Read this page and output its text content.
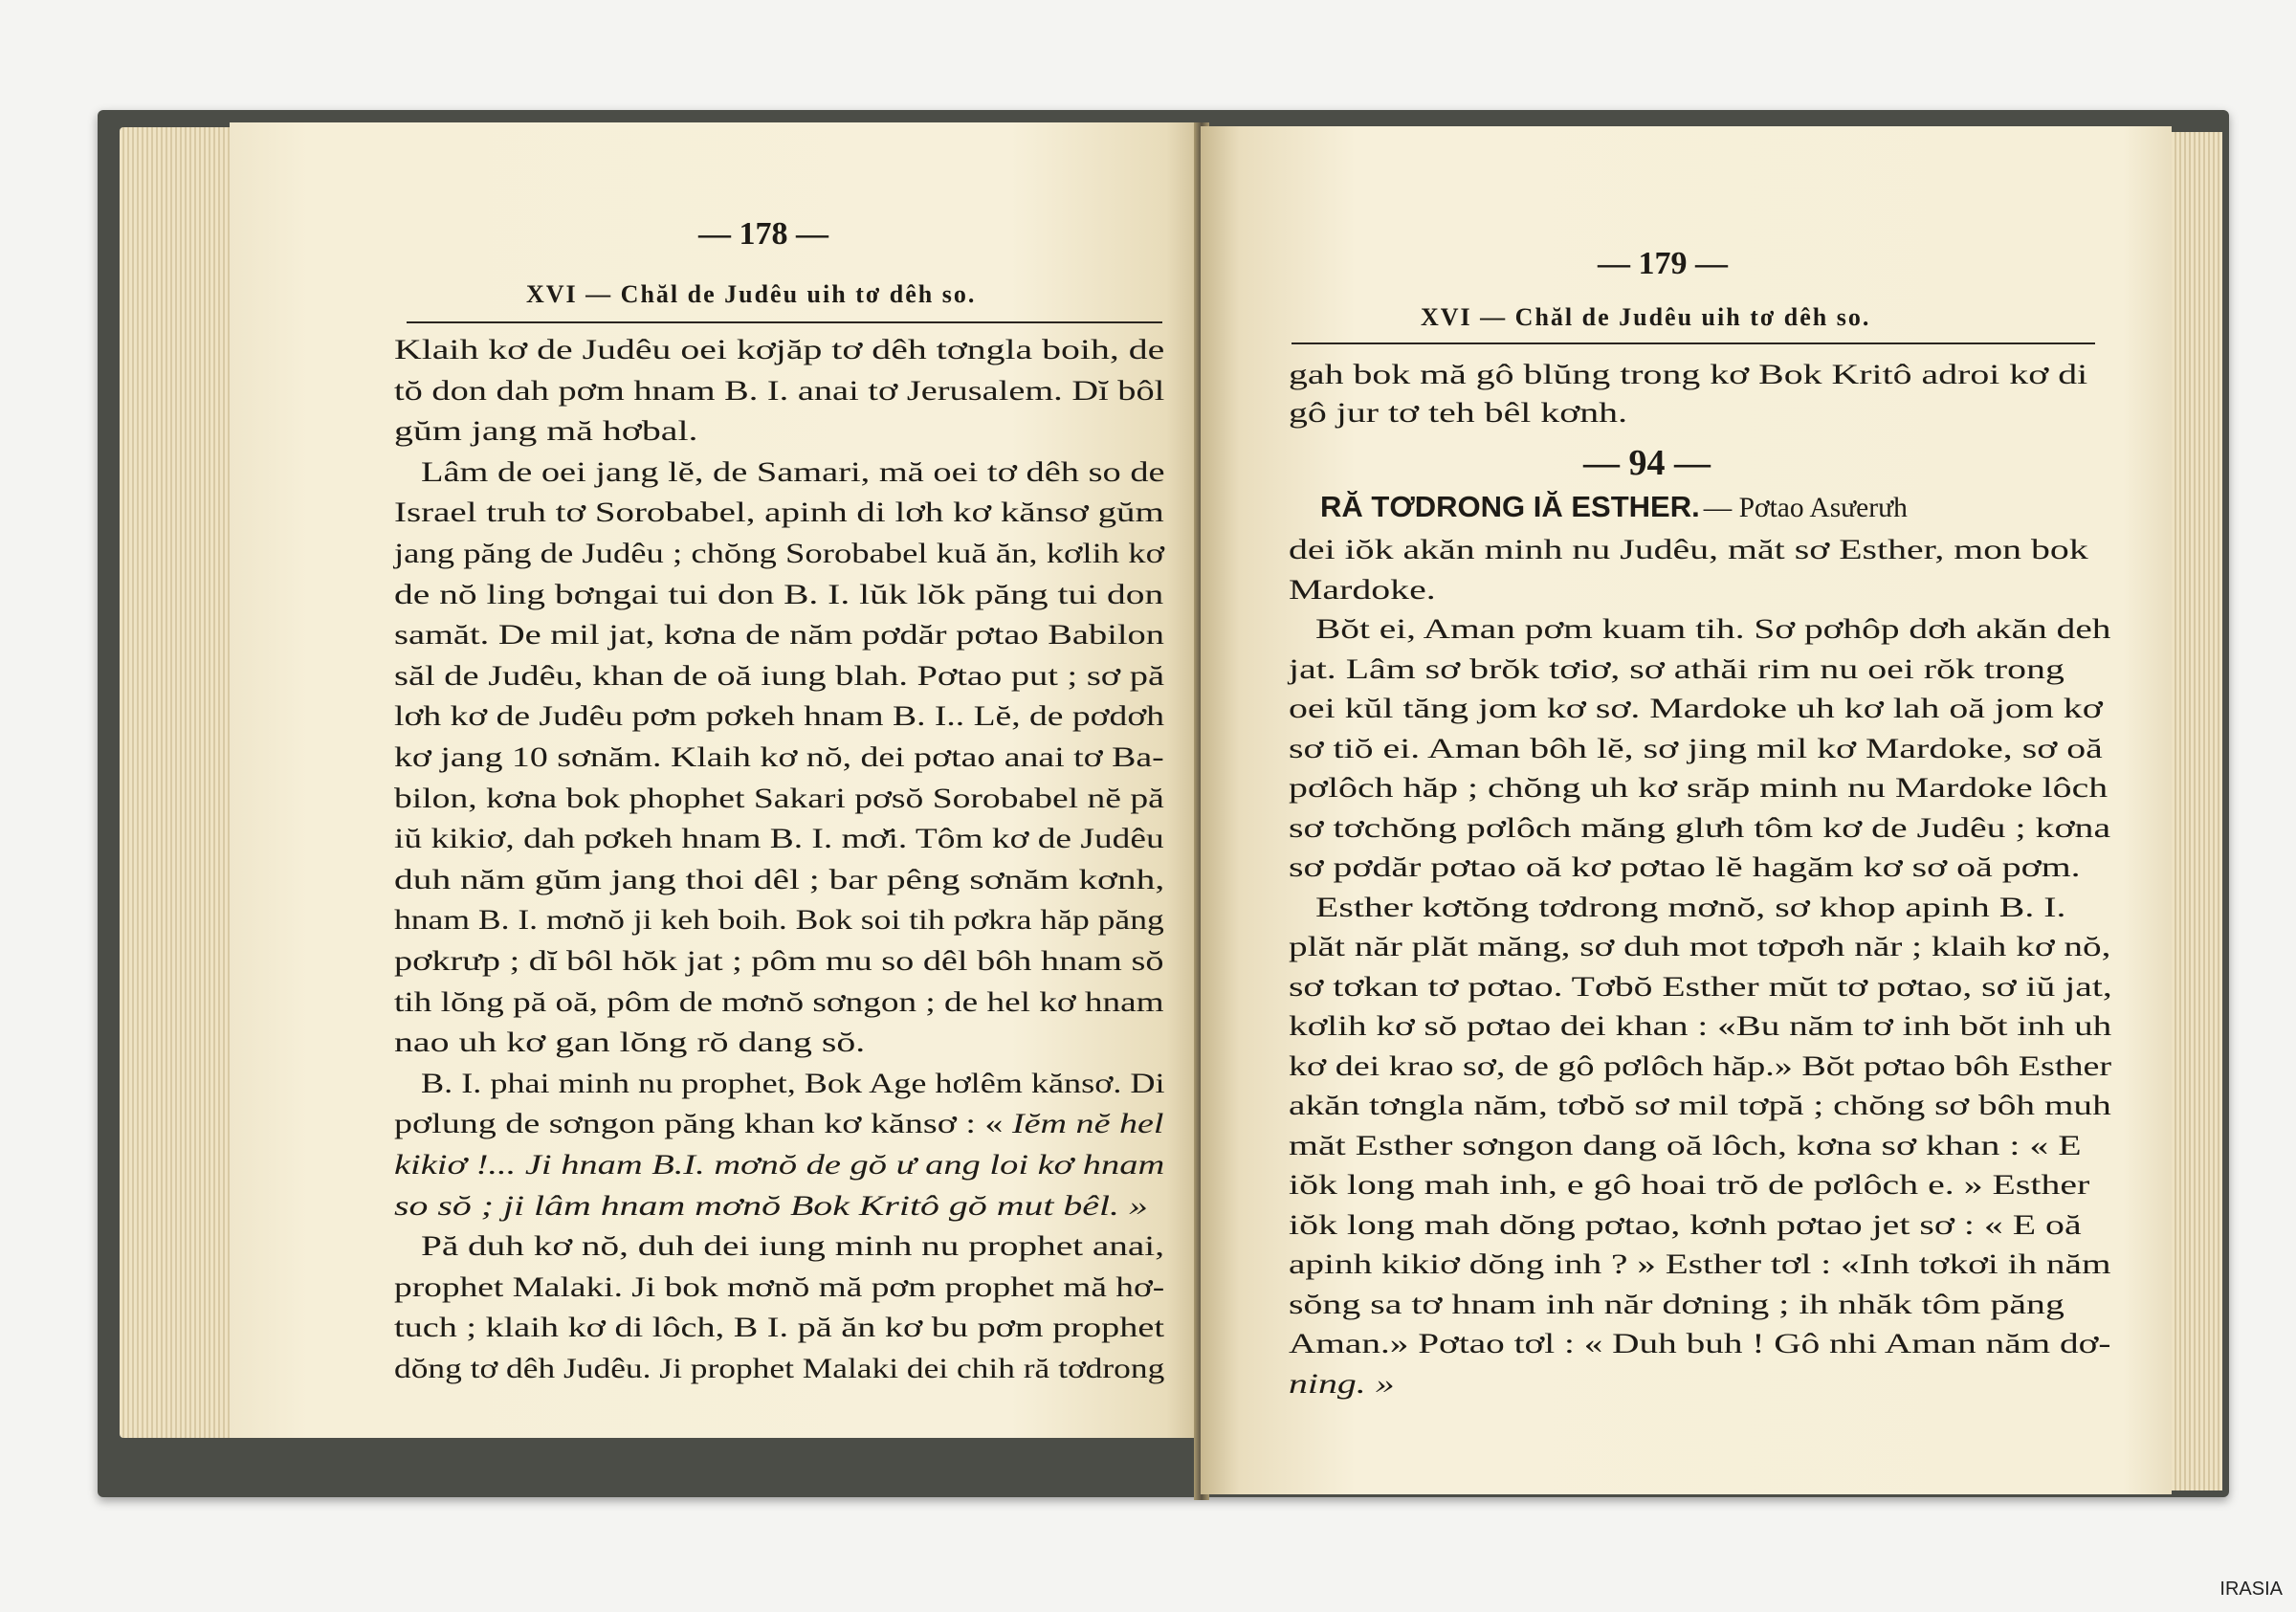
— 178 —
XVI — Chăl de Judêu uih tơ dêh so.
Klaih kơ de Judêu oei kơjăp tơ dêh tơngla boih, de
tŏ don dah pơm hnam B. I. anai tơ Jerusalem. Dĭ bôl
gŭm jang mă hơbal.
Lâm de oei jang lĕ, de Samari, mă oei tơ dêh so de
Israel truh tơ Sorobabel, apinh di lơh kơ kănsơ gŭm
jang păng de Judêu ; chŏng Sorobabel kuă ăn, kơlih kơ
de nŏ ling bơngai tui don B. I. lŭk lŏk păng tui don
samăt. De mil jat, kơna de năm pơdăr pơtao Babilon
săl de Judêu, khan de oă iung blah. Pơtao put ; sơ pă
lơh kơ de Judêu pơm pơkeh hnam B. I.. Lĕ, de pơdơh
kơ jang 10 sơnăm. Klaih kơ nŏ, dei pơtao anai tơ Ba-
bilon, kơna bok phophet Sakari pơsŏ Sorobabel nĕ pă
iŭ kikiơ, dah pơkeh hnam B. I. mơ̆i. Tôm kơ de Judêu
duh năm gŭm jang thoi dêl ; bar pêng sơnăm kơnh,
hnam B. I. mơnŏ ji keh boih. Bok soi tih pơkra hăp păng
pơkrưp ; dĭ bôl hŏk jat ; pôm mu so dêl bôh hnam sŏ
tih lŏng pă oă, pôm de mơnŏ sơngon ; de hel kơ hnam
nao uh kơ gan lŏng rŏ dang sŏ.
B. I. phai minh nu prophet, Bok Age hơlêm kănsơ. Di
pơlung de sơngon păng khan kơ kănsơ : « Iĕm nĕ hel
kikiơ !... Ji hnam B.I. mơnŏ de gŏ ư ang loi kơ hnam
so sŏ ; ji lâm hnam mơnŏ Bok Kritô gŏ mut bêl. »
Pă duh kơ nŏ, duh dei iung minh nu prophet anai,
prophet Malaki. Ji bok mơnŏ mă pơm prophet mă hơ-
tuch ; klaih kơ di lôch, B I. pă ăn kơ bu pơm prophet
dŏng tơ dêh Judêu. Ji prophet Malaki dei chih ră tơdrong
— 179 —
XVI — Chăl de Judêu uih tơ dêh so.
gah bok mă gô blŭng trong kơ Bok Kritô adroi kơ di
gô jur tơ teh bêl kơnh.
— 94 —
RĂ TƠDRONG IĂ ESTHER. — Pơtao Asưerưh
dei iŏk akăn minh nu Judêu, măt sơ Esther, mon bok
Mardoke.
Bŏt ei, Aman pơm kuam tih. Sơ pơhôp dơh akăn deh
jat. Lâm sơ brŏk tơiơ, sơ athăi rim nu oei rŏk trong
oei kŭl tăng jom kơ sơ. Mardoke uh kơ lah oă jom kơ
sơ tiŏ ei. Aman bôh lĕ, sơ jing mil kơ Mardoke, sơ oă
pơlôch hăp ; chŏng uh kơ srăp minh nu Mardoke lôch
sơ tơchŏng pơlôch măng glưh tôm kơ de Judêu ; kơna
sơ pơdăr pơtao oă kơ pơtao lĕ hagăm kơ sơ oă pơm.
Esther kơtŏng tơdrong mơnŏ, sơ khop apinh B. I.
plăt năr plăt măng, sơ duh mot tơpơh năr ; klaih kơ nŏ,
sơ tơkan tơ pơtao. Tơbŏ Esther mŭt tơ pơtao, sơ iŭ jat,
kơlih kơ sŏ pơtao dei khan : «Bu năm tơ inh bŏt inh uh
kơ dei krao sơ, de gô pơlôch hăp.» Bŏt pơtao bôh Esther
akăn tơngla năm, tơbŏ sơ mil tơpă ; chŏng sơ bôh muh
măt Esther sơngon dang oă lôch, kơna sơ khan : « E
iŏk long mah inh, e gô hoai trŏ de pơlôch e. » Esther
iŏk long mah dŏng pơtao, kơnh pơtao jet sơ : « E oă
apinh kikiơ dŏng inh ? » Esther tơl : «Inh tơkơi ih năm
sŏng sa tơ hnam inh năr dơning ; ih nhăk tôm păng
Aman.» Pơtao tơl : « Duh buh ! Gô nhi Aman năm dơ-
ning. »
IRASIA
